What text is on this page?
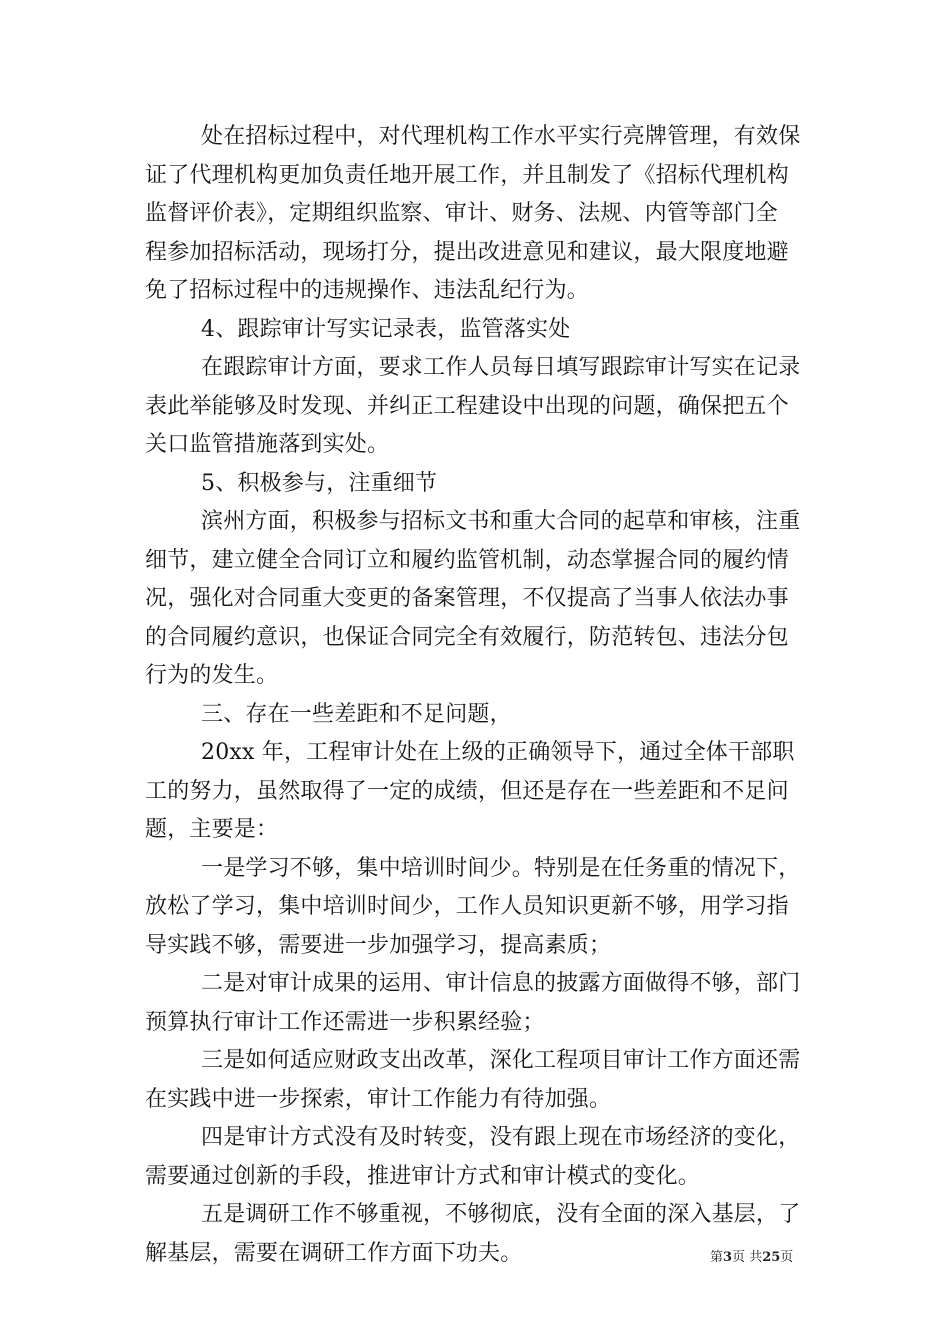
处在招标过程中，对代理机构工作水平实行亮牌管理，有效保
证了代理机构更加负责任地开展工作，并且制发了《招标代理机构
监督评价表》，定期组织监察、审计、财务、法规、内管等部门全
程参加招标活动，现场打分，提出改进意见和建议，最大限度地避
免了招标过程中的违规操作、违法乱纪行为。
4、跟踪审计写实记录表，监管落实处
在跟踪审计方面，要求工作人员每日填写跟踪审计写实在记录
表此举能够及时发现、并纠正工程建设中出现的问题，确保把五个
关口监管措施落到实处。
5、积极参与，注重细节
滨州方面，积极参与招标文书和重大合同的起草和审核，注重
细节，建立健全合同订立和履约监管机制，动态掌握合同的履约情
况，强化对合同重大变更的备案管理，不仅提高了当事人依法办事
的合同履约意识，也保证合同完全有效履行，防范转包、违法分包
行为的发生。
三、存在一些差距和不足问题，
20xx 年，工程审计处在上级的正确领导下，通过全体干部职
工的努力，虽然取得了一定的成绩，但还是存在一些差距和不足问
题，主要是：
一是学习不够，集中培训时间少。特别是在任务重的情况下，
放松了学习，集中培训时间少，工作人员知识更新不够，用学习指
导实践不够，需要进一步加强学习，提高素质；
二是对审计成果的运用、审计信息的披露方面做得不够，部门
预算执行审计工作还需进一步积累经验；
三是如何适应财政支出改革，深化工程项目审计工作方面还需
在实践中进一步探索，审计工作能力有待加强。
四是审计方式没有及时转变，没有跟上现在市场经济的变化，
需要通过创新的手段，推进审计方式和审计模式的变化。
五是调研工作不够重视，不够彻底，没有全面的深入基层，了
解基层，需要在调研工作方面下功夫。	第3页 共25页
